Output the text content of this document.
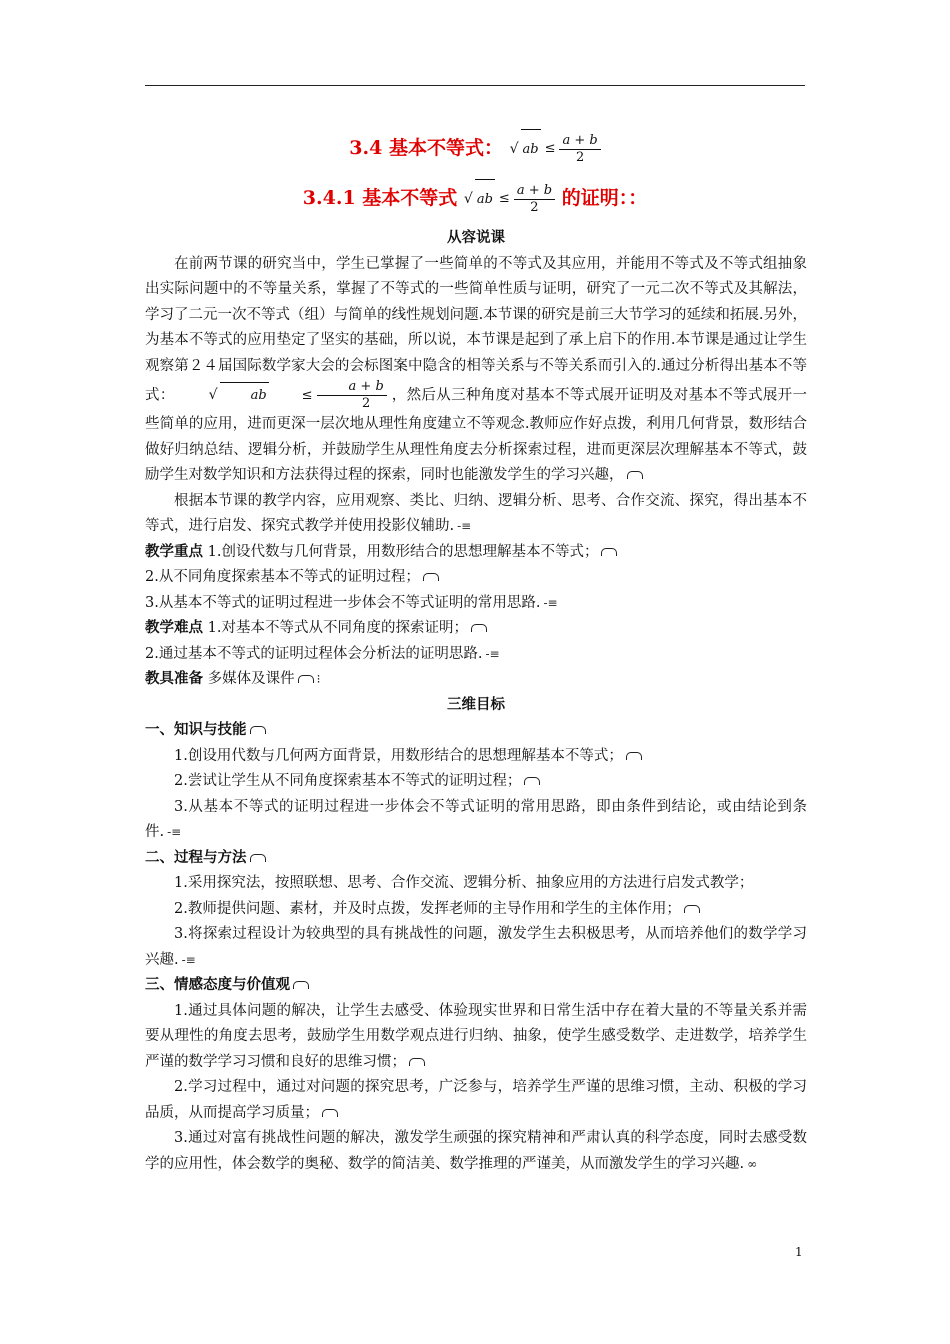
3.4 基本不等式： √ ab ≤ $\frac{a + b}{2}$
3.4.1 基本不等式 √ ab ≤ $\frac{a + b}{2}$ 的证明：：
从容说课

在前两节课的研究当中，学生已掌握了一些简单的不等式及其应用，并能用不等式及不等式组抽象出实际问题中的不等量关系，掌握了不等式的一些简单性质与证明，研究了一元二次不等式及其解法，学习了二元一次不等式（组）与简单的线性规划问题.本节课的研究是前三大节学习的延续和拓展.另外，为基本不等式的应用垫定了坚实的基础，所以说，本节课是起到了承上启下的作用.本节课是通过让学生观察第２４届国际数学家大会的会标图案中隐含的相等关系与不等关系而引入的.通过分析得出基本不等式：	√	ab	≤ $\frac{a + b}{2}$ ，然后从三种角度对基本不等式展开证明及对基本不等式展开一些简单的应用，进而更深一层次地从理性角度建立不等观念.教师应作好点拨，利用几何背景，数形结合做好归纳总结、逻辑分析，并鼓励学生从理性角度去分析探索过程，进而更深层次理解基本不等式，鼓励学生对数学知识和方法获得过程的探索，同时也能激发学生的学习兴趣，

根据本节课的教学内容，应用观察、类比、归纳、逻辑分析、思考、合作交流、探究，得出基本不等式，进行启发、探究式教学并使用投影仪辅助. -≡

教学重点 1.创设代数与几何背景，用数形结合的思想理解基本不等式；

2.从不同角度探索基本不等式的证明过程；

3.从基本不等式的证明过程进一步体会不等式证明的常用思路. -≡

教学难点 1.对基本不等式从不同角度的探索证明；

2.通过基本不等式的证明过程体会分析法的证明思路. -≡

教具准备 多媒体及课件 ⁝

三维目标

一、知识与技能

1.创设用代数与几何两方面背景，用数形结合的思想理解基本不等式；

2.尝试让学生从不同角度探索基本不等式的证明过程；

3.从基本不等式的证明过程进一步体会不等式证明的常用思路，即由条件到结论，或由结论到条件. -≡

二、过程与方法

1.采用探究法，按照联想、思考、合作交流、逻辑分析、抽象应用的方法进行启发式教学；

2.教师提供问题、素材，并及时点拨，发挥老师的主导作用和学生的主体作用；

3.将探索过程设计为较典型的具有挑战性的问题，激发学生去积极思考，从而培养他们的数学学习兴趣. -≡

三、情感态度与价值观

1.通过具体问题的解决，让学生去感受、体验现实世界和日常生活中存在着大量的不等量关系并需要从理性的角度去思考，鼓励学生用数学观点进行归纳、抽象，使学生感受数学、走进数学，培养学生严谨的数学学习习惯和良好的思维习惯；

2.学习过程中，通过对问题的探究思考，广泛参与，培养学生严谨的思维习惯，主动、积极的学习品质，从而提高学习质量；

3.通过对富有挑战性问题的解决，激发学生顽强的探究精神和严肃认真的科学态度，同时去感受数学的应用性，体会数学的奥秘、数学的简洁美、数学推理的严谨美，从而激发学生的学习兴趣. ∞

1
